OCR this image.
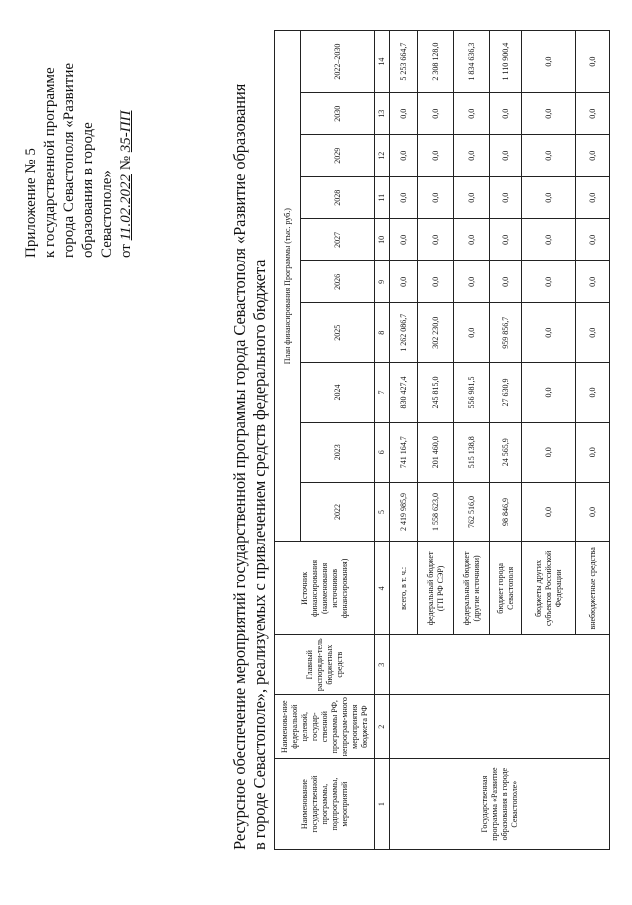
Приложение № 5 к государственной программе города Севастополя «Развитие образования в городе Севастополе» от 11.02.2022 № 35-ПП	Ресурсное обеспечение мероприятий государственной программы города Севастополя «Развитие образования в городе Севастополе», реализуемых с привлечением средств федерального бюджета	Наименование государственной программы, подпрограммы, мероприятий	Наименова-ние федеральной целевой, государ-ственной программы РФ, непрограм-много мероприятия бюджета РФ	Главный распоряди-тель бюджетных средств	Источник финансирования (наименования источников финансирования)	План финансирования Программы (тыс. руб.)									
				2022	2023	2024	2025	2026	2027	2028	2029	2030	2022–2030
1	2	3	4	5	6	7	8	9	10	11	12	13	14
Государственная программа «Развитие образования в городе Севастополе»			всего, в т. ч.:	2 419 985,9	741 164,7	830 427,4	1 262 086,7	0,0	0,0	0,0	0,0	0,0	5 253 664,7
			федеральный бюджет (ГП РФ СЭР)	1 558 623,0	201 460,0	245 815,0	302 230,0	0,0	0,0	0,0	0,0	0,0	2 308 128,0
			федеральный бюджет (другие источники)	762 516,0	515 138,8	556 981,5	0,0	0,0	0,0	0,0	0,0	0,0	1 834 636,3
			бюджет города Севастополя	98 846,9	24 565,9	27 630,9	959 856,7	0,0	0,0	0,0	0,0	0,0	1 110 900,4
			бюджеты других субъектов Российской Федерации	0,0	0,0	0,0	0,0	0,0	0,0	0,0	0,0	0,0	0,0
			внебюджетные средства	0,0	0,0	0,0	0,0	0,0	0,0	0,0	0,0	0,0	0,0
